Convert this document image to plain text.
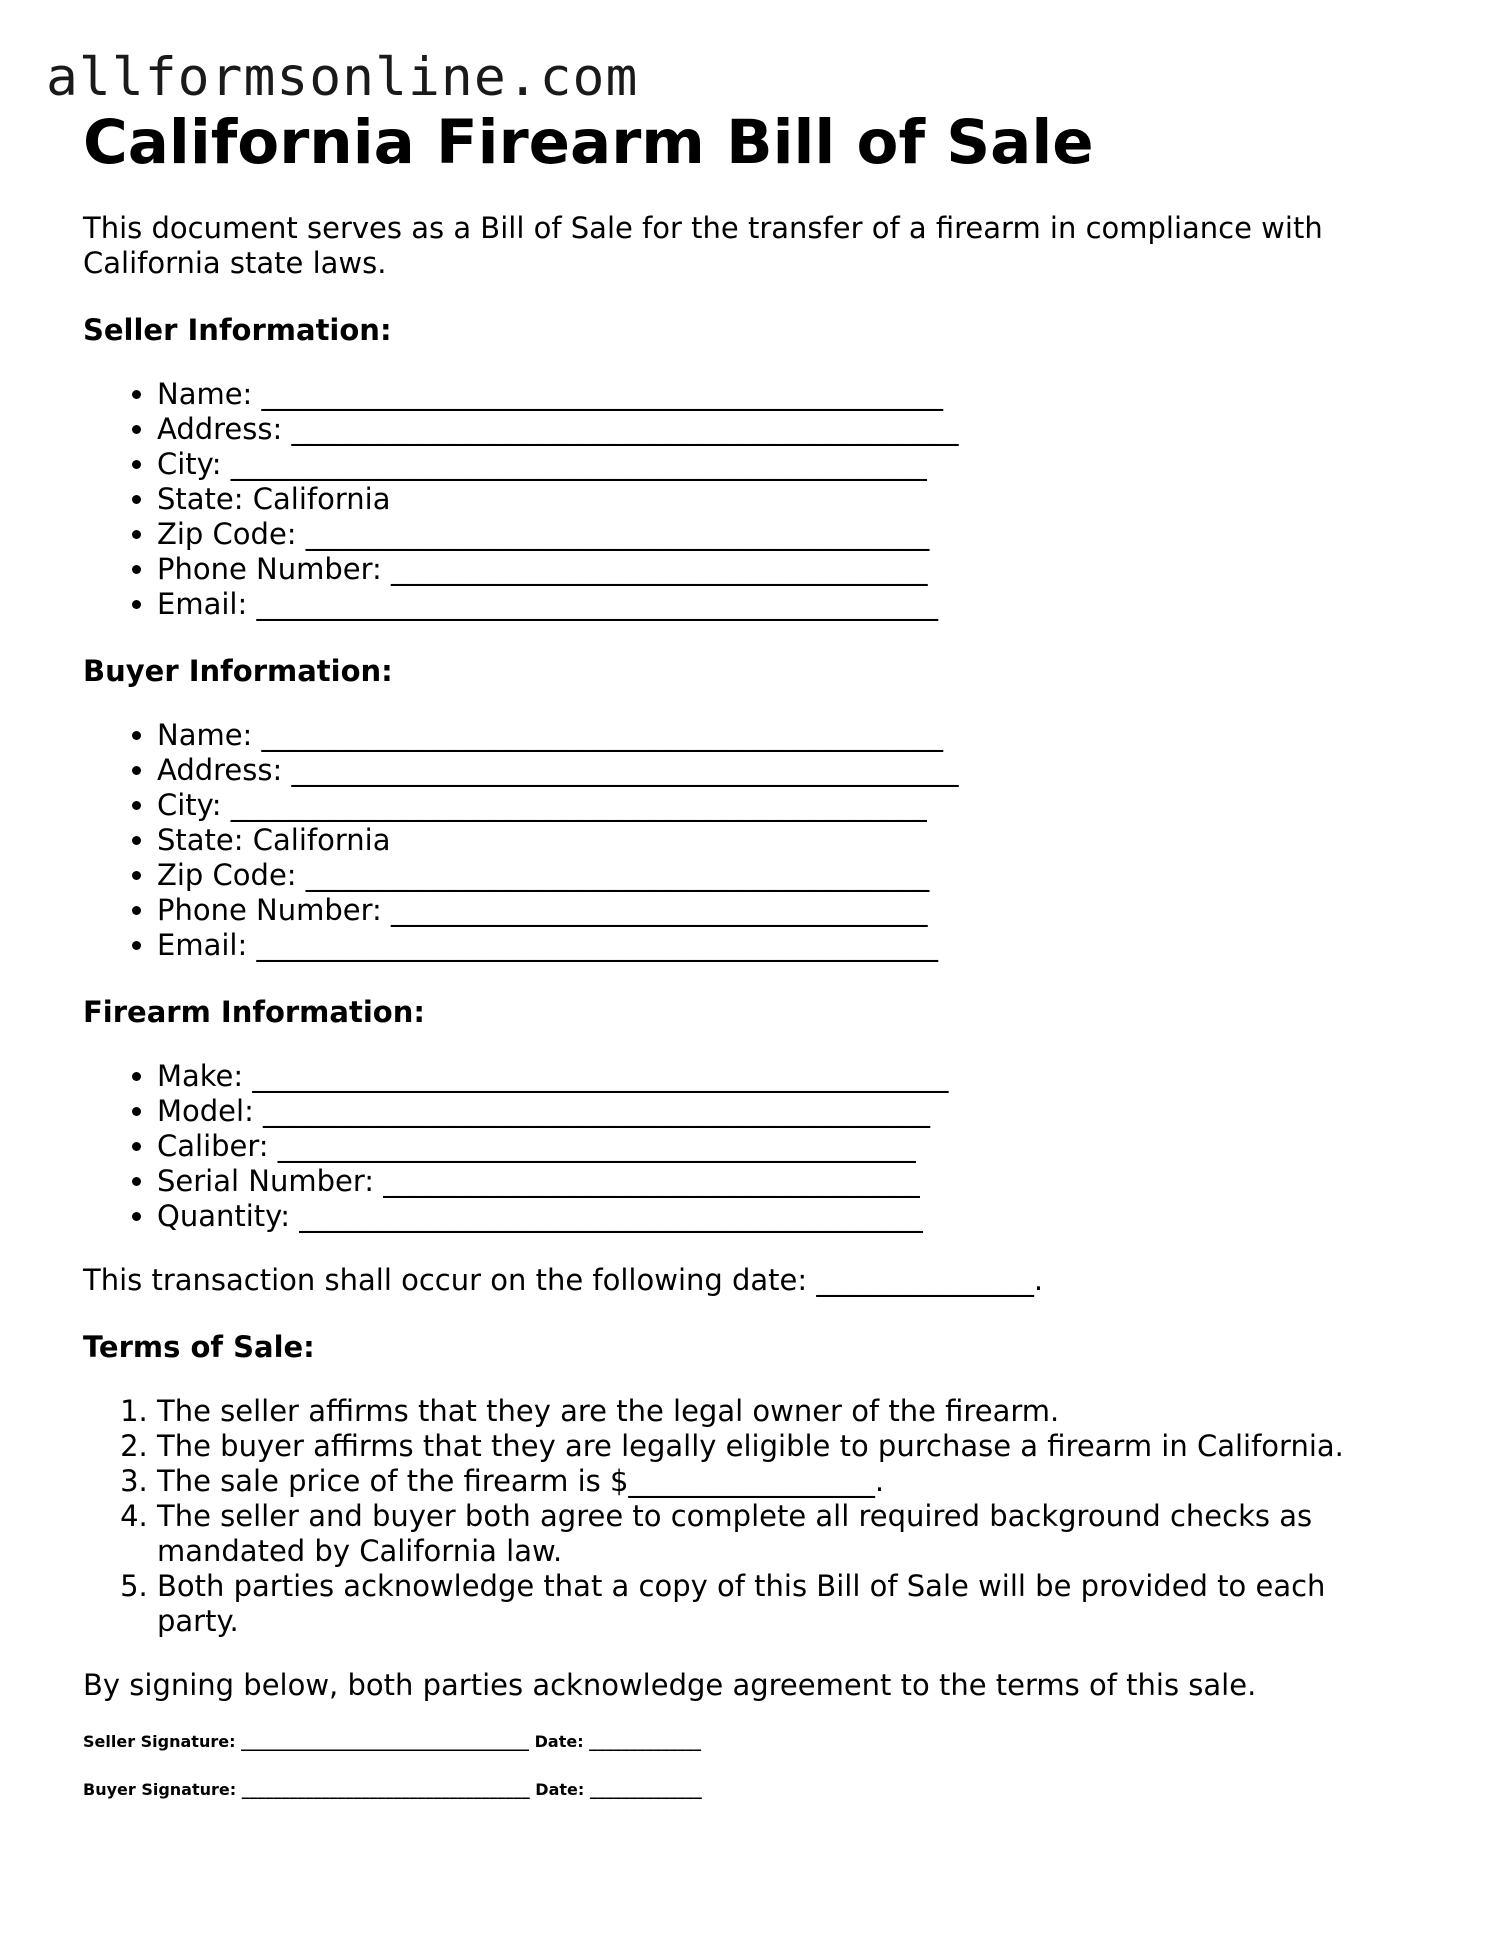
allformsonline.com
California Firearm Bill of Sale

This document serves as a Bill of Sale for the transfer of a firearm in compliance with California state laws.

Seller Information:
• Name: _______________________________________________
• Address: ______________________________________________
• City: ________________________________________________
• State: California
• Zip Code: ___________________________________________
• Phone Number: _____________________________________
• Email: _______________________________________________
Buyer Information:
• Name: _______________________________________________
• Address: ______________________________________________
• City: ________________________________________________
• State: California
• Zip Code: ___________________________________________
• Phone Number: _____________________________________
• Email: _______________________________________________
Firearm Information:
• Make: ________________________________________________
• Model: ______________________________________________
• Caliber: ____________________________________________
• Serial Number: _____________________________________
• Quantity: ___________________________________________

This transaction shall occur on the following date: _______________.

Terms of Sale:
1. The seller affirms that they are the legal owner of the firearm.
2. The buyer affirms that they are legally eligible to purchase a firearm in California.
3. The sale price of the firearm is $_________________.
4. The seller and buyer both agree to complete all required background checks as mandated by California law.
5. Both parties acknowledge that a copy of this Bill of Sale will be provided to each party.

By signing below, both parties acknowledge agreement to the terms of this sale.

Seller Signature: ____________________________________ Date: ______________
Buyer Signature: ____________________________________ Date: ______________
